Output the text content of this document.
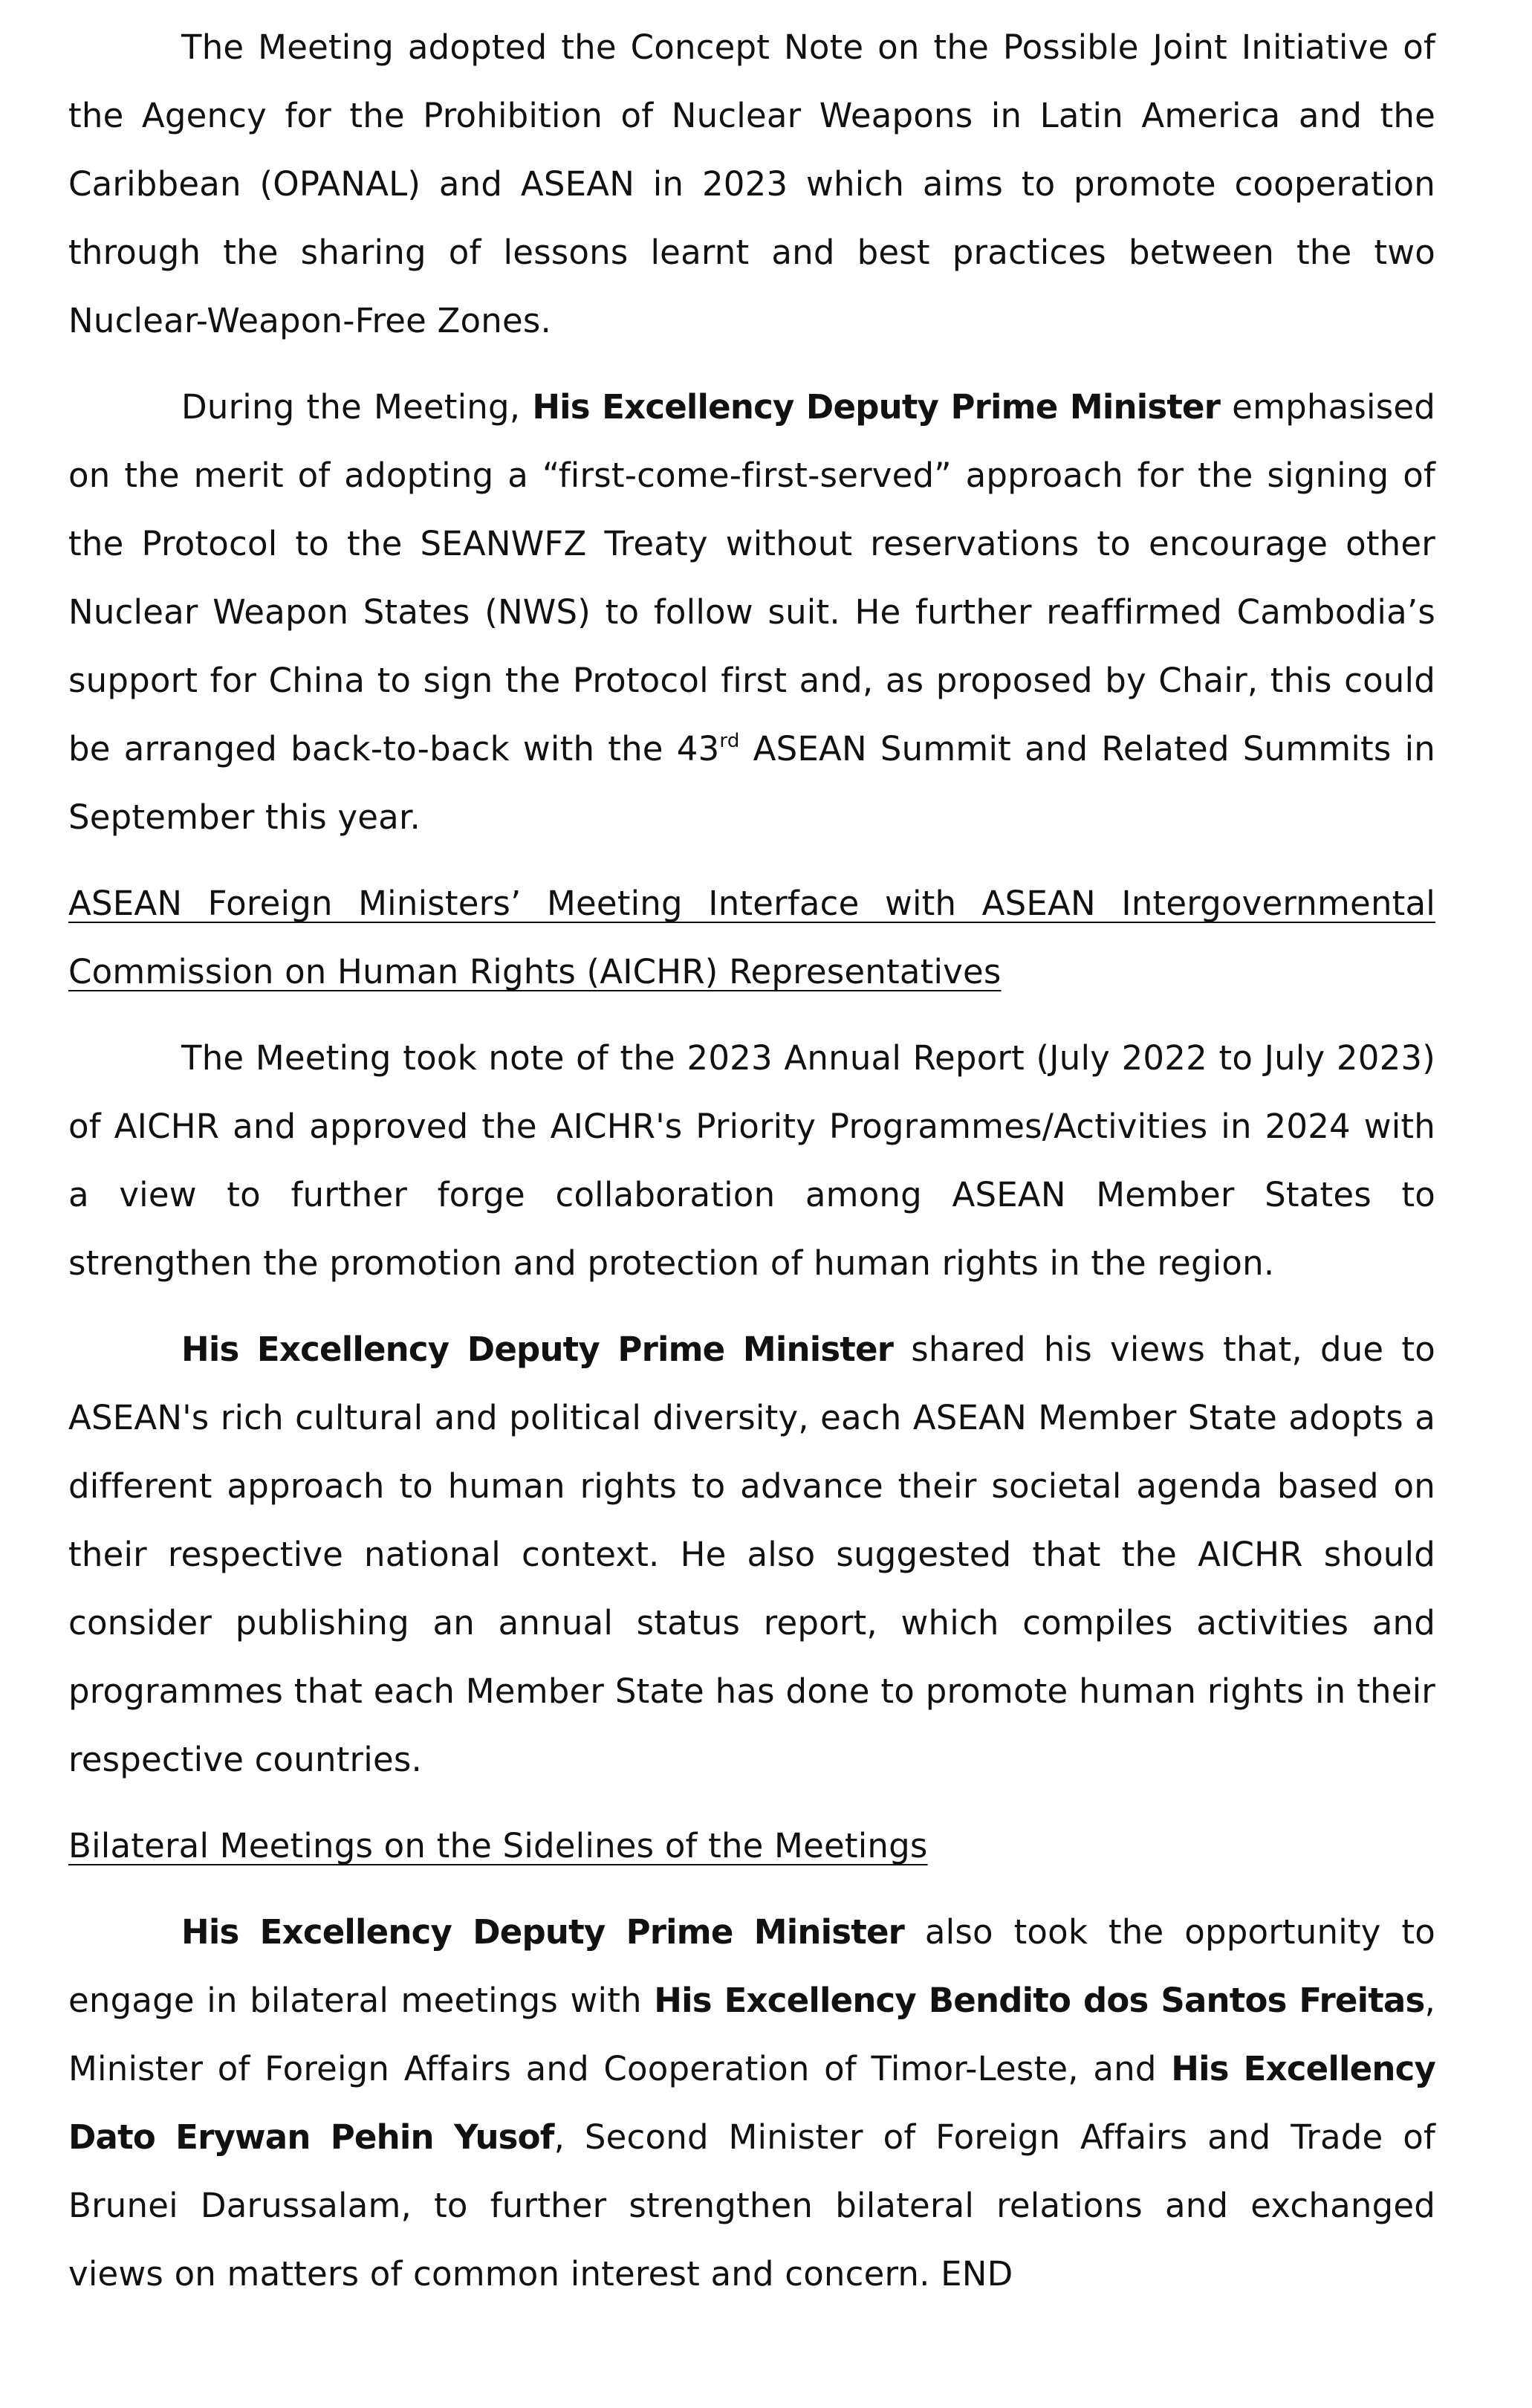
The Meeting adopted the Concept Note on the Possible Joint Initiative of the Agency for the Prohibition of Nuclear Weapons in Latin America and the Caribbean (OPANAL) and ASEAN in 2023 which aims to promote cooperation through the sharing of lessons learnt and best practices between the two Nuclear-Weapon-Free Zones.

During the Meeting, His Excellency Deputy Prime Minister emphasised on the merit of adopting a “first-come-first-served” approach for the signing of the Protocol to the SEANWFZ Treaty without reservations to encourage other Nuclear Weapon States (NWS) to follow suit. He further reaffirmed Cambodia’s support for China to sign the Protocol first and, as proposed by Chair, this could be arranged back-to-back with the 43rd ASEAN Summit and Related Summits in September this year.

ASEAN Foreign Ministers’ Meeting Interface with ASEAN Intergovernmental Commission on Human Rights (AICHR) Representatives

The Meeting took note of the 2023 Annual Report (July 2022 to July 2023) of AICHR and approved the AICHR's Priority Programmes/Activities in 2024 with a view to further forge collaboration among ASEAN Member States to strengthen the promotion and protection of human rights in the region.

His Excellency Deputy Prime Minister shared his views that, due to ASEAN's rich cultural and political diversity, each ASEAN Member State adopts a different approach to human rights to advance their societal agenda based on their respective national context. He also suggested that the AICHR should consider publishing an annual status report, which compiles activities and programmes that each Member State has done to promote human rights in their respective countries.

Bilateral Meetings on the Sidelines of the Meetings

His Excellency Deputy Prime Minister also took the opportunity to engage in bilateral meetings with His Excellency Bendito dos Santos Freitas, Minister of Foreign Affairs and Cooperation of Timor-Leste, and His Excellency Dato Erywan Pehin Yusof, Second Minister of Foreign Affairs and Trade of Brunei Darussalam, to further strengthen bilateral relations and exchanged views on matters of common interest and concern. END
